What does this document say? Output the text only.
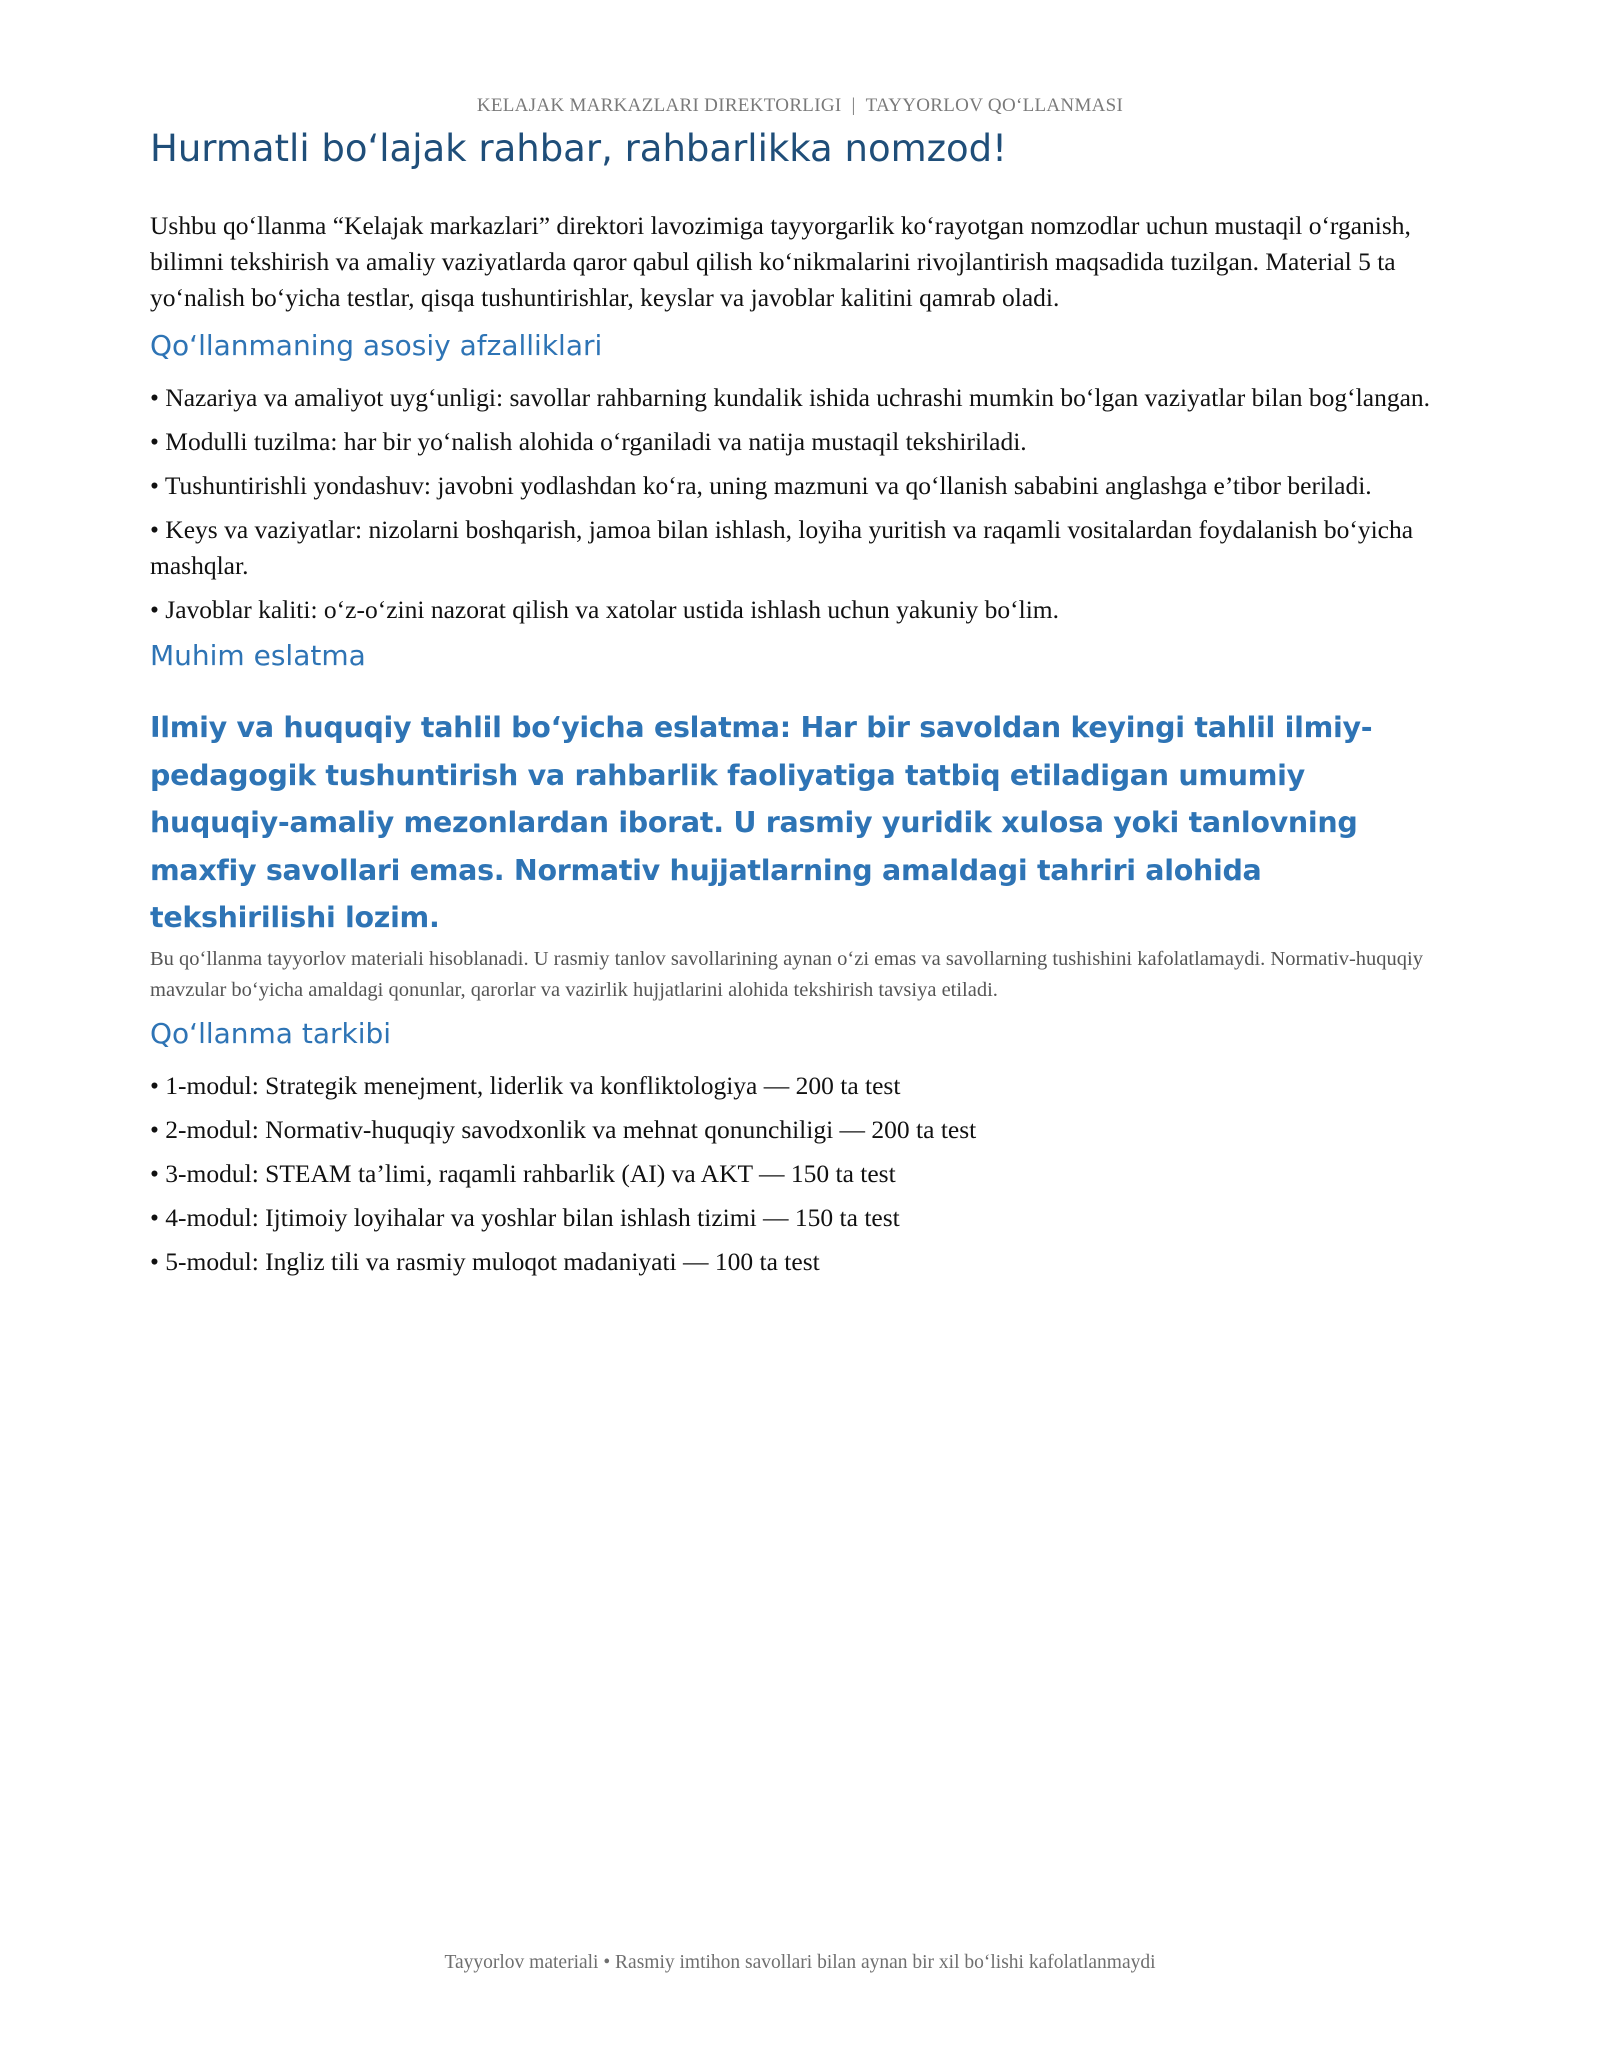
KELAJAK MARKAZLARI DIREKTORLIGI | TAYYORLOV QO‘LLANMASI
Hurmatli bo‘lajak rahbar, rahbarlikka nomzod!

Ushbu qo‘llanma “Kelajak markazlari” direktori lavozimiga tayyorgarlik ko‘rayotgan nomzodlar uchun mustaqil o‘rganish, bilimni tekshirish va amaliy vaziyatlarda qaror qabul qilish ko‘nikmalarini rivojlantirish maqsadida tuzilgan. Material 5 ta yo‘nalish bo‘yicha testlar, qisqa tushuntirishlar, keyslar va javoblar kalitini qamrab oladi.

Qo‘llanmaning asosiy afzalliklari
• Nazariya va amaliyot uyg‘unligi: savollar rahbarning kundalik ishida uchrashi mumkin bo‘lgan vaziyatlar bilan bog‘langan.
• Modulli tuzilma: har bir yo‘nalish alohida o‘rganiladi va natija mustaqil tekshiriladi.
• Tushuntirishli yondashuv: javobni yodlashdan ko‘ra, uning mazmuni va qo‘llanish sababini anglashga e’tibor beriladi.
• Keys va vaziyatlar: nizolarni boshqarish, jamoa bilan ishlash, loyiha yuritish va raqamli vositalardan foydalanish bo‘yicha mashqlar.
• Javoblar kaliti: o‘z-o‘zini nazorat qilish va xatolar ustida ishlash uchun yakuniy bo‘lim.
Muhim eslatma
Ilmiy va huquqiy tahlil bo‘yicha eslatma: Har bir savoldan keyingi tahlil ilmiy-pedagogik tushuntirish va rahbarlik faoliyatiga tatbiq etiladigan umumiy huquqiy-amaliy mezonlardan iborat. U rasmiy yuridik xulosa yoki tanlovning maxfiy savollari emas. Normativ hujjatlarning amaldagi tahriri alohida tekshirilishi lozim.

Bu qo‘llanma tayyorlov materiali hisoblanadi. U rasmiy tanlov savollarining aynan o‘zi emas va savollarning tushishini kafolatlamaydi. Normativ-huquqiy mavzular bo‘yicha amaldagi qonunlar, qarorlar va vazirlik hujjatlarini alohida tekshirish tavsiya etiladi.

Qo‘llanma tarkibi
• 1-modul: Strategik menejment, liderlik va konfliktologiya — 200 ta test
• 2-modul: Normativ-huquqiy savodxonlik va mehnat qonunchiligi — 200 ta test
• 3-modul: STEAM ta’limi, raqamli rahbarlik (AI) va AKT — 150 ta test
• 4-modul: Ijtimoiy loyihalar va yoshlar bilan ishlash tizimi — 150 ta test
• 5-modul: Ingliz tili va rasmiy muloqot madaniyati — 100 ta test
Tayyorlov materiali • Rasmiy imtihon savollari bilan aynan bir xil bo‘lishi kafolatlanmaydi
